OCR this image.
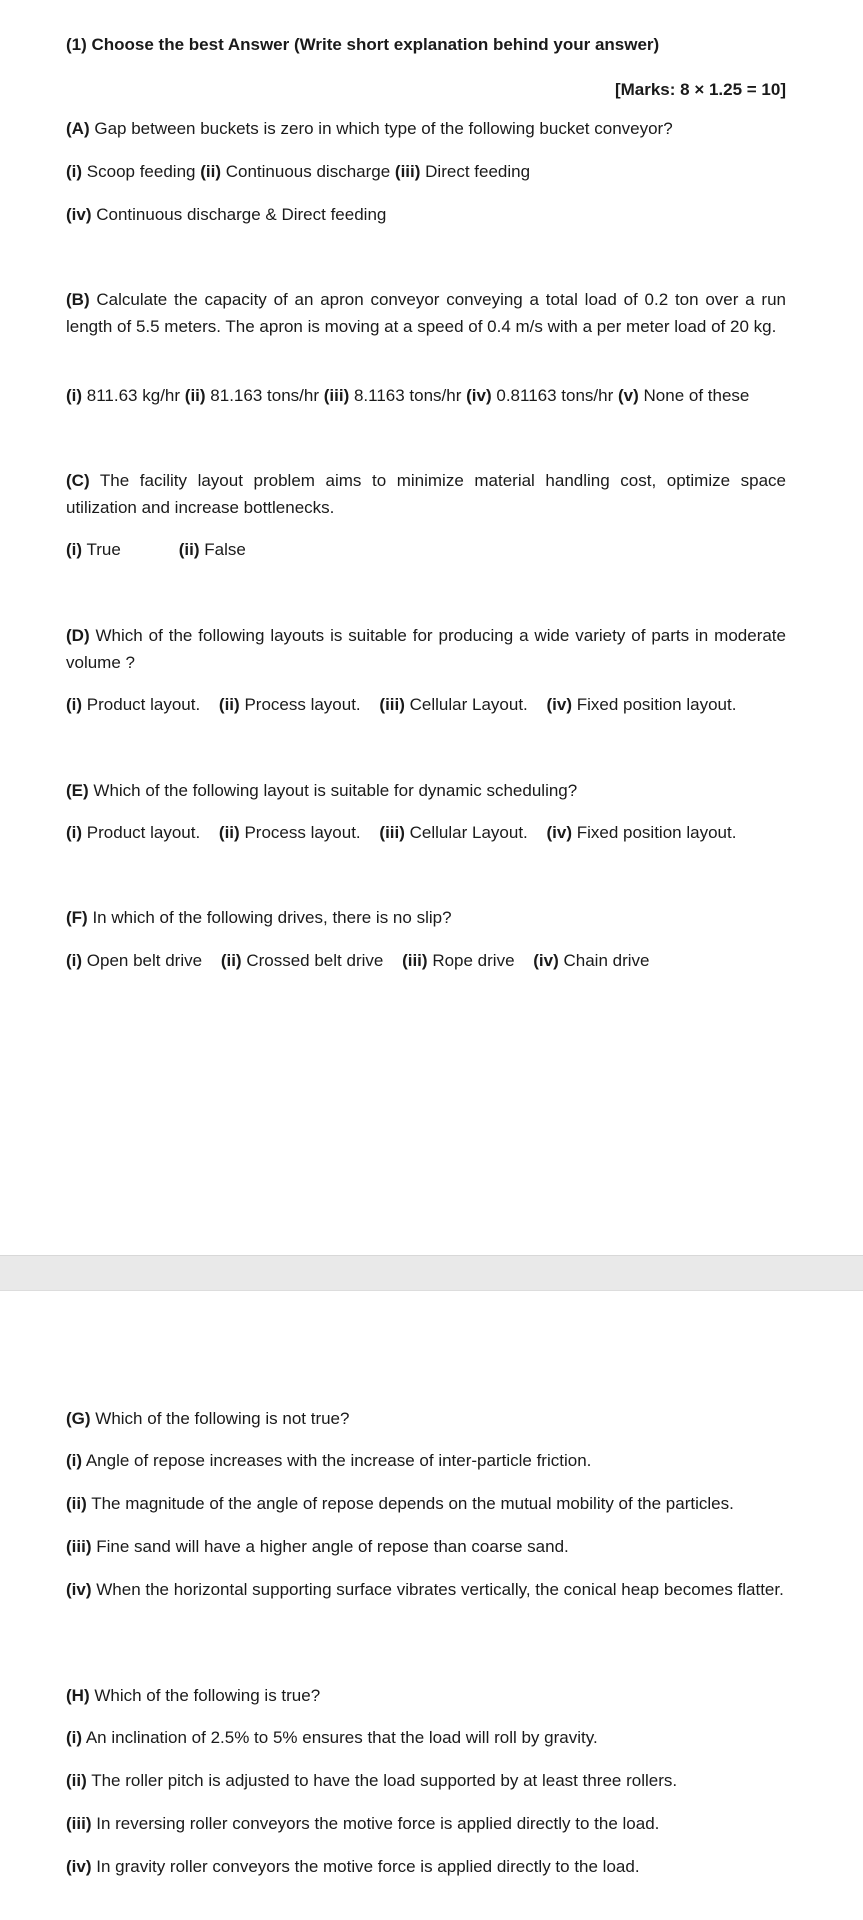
(1) Choose the best Answer (Write short explanation behind your answer)
[Marks: 8 × 1.25 = 10]
(A) Gap between buckets is zero in which type of the following bucket conveyor?
(i) Scoop feeding (ii) Continuous discharge (iii) Direct feeding
(iv) Continuous discharge & Direct feeding
(B) Calculate the capacity of an apron conveyor conveying a total load of 0.2 ton over a run length of 5.5 meters. The apron is moving at a speed of 0.4 m/s with a per meter load of 20 kg.
(i) 811.63 kg/hr (ii) 81.163 tons/hr (iii) 8.1163 tons/hr (iv) 0.81163 tons/hr (v) None of these
(C) The facility layout problem aims to minimize material handling cost, optimize space utilization and increase bottlenecks.
(i) True	(ii) False
(D) Which of the following layouts is suitable for producing a wide variety of parts in moderate volume ?
(i) Product layout. (ii) Process layout. (iii) Cellular Layout. (iv) Fixed position layout.
(E) Which of the following layout is suitable for dynamic scheduling?
(i) Product layout. (ii) Process layout. (iii) Cellular Layout. (iv) Fixed position layout.
(F) In which of the following drives, there is no slip?
(i) Open belt drive (ii) Crossed belt drive (iii) Rope drive (iv) Chain drive
(G) Which of the following is not true?
(i) Angle of repose increases with the increase of inter-particle friction.
(ii) The magnitude of the angle of repose depends on the mutual mobility of the particles.
(iii) Fine sand will have a higher angle of repose than coarse sand.
(iv) When the horizontal supporting surface vibrates vertically, the conical heap becomes flatter.
(H) Which of the following is true?
(i) An inclination of 2.5% to 5% ensures that the load will roll by gravity.
(ii) The roller pitch is adjusted to have the load supported by at least three rollers.
(iii) In reversing roller conveyors the motive force is applied directly to the load.
(iv) In gravity roller conveyors the motive force is applied directly to the load.
